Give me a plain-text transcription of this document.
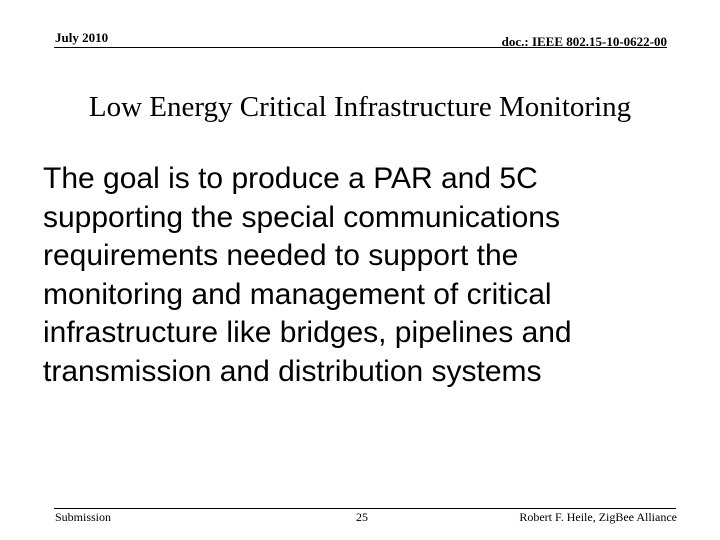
July 2010	doc.: IEEE 802.15-10-0622-00
Low Energy Critical Infrastructure Monitoring
The goal is to produce a PAR and 5C
supporting the special communications
requirements needed to support the
monitoring and management of critical
infrastructure like bridges, pipelines and
transmission and distribution systems
Submission	25	Robert F. Heile, ZigBee Alliance
